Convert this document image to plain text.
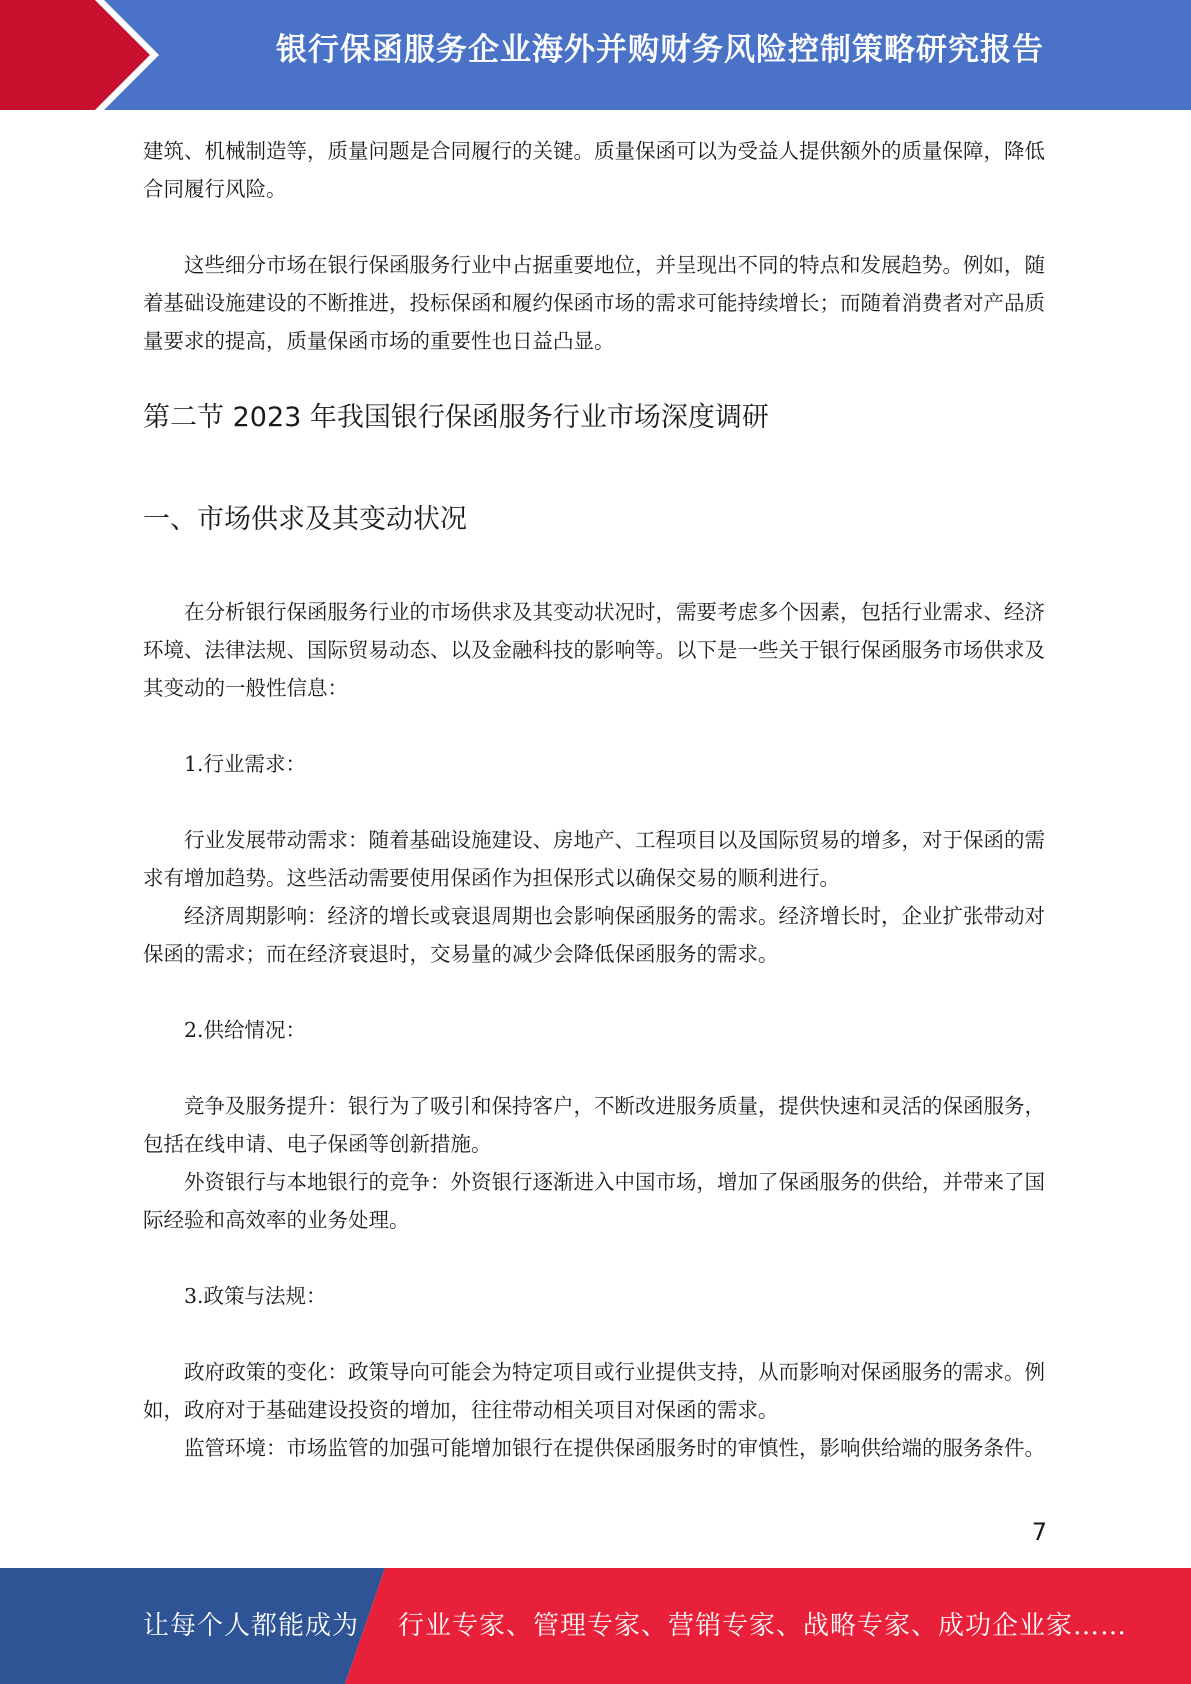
银行保函服务企业海外并购财务风险控制策略研究报告

建筑、机械制造等，质量问题是合同履行的关键。质量保函可以为受益人提供额外的质量保障，降低合同履行风险。

这些细分市场在银行保函服务行业中占据重要地位，并呈现出不同的特点和发展趋势。例如，随着基础设施建设的不断推进，投标保函和履约保函市场的需求可能持续增长；而随着消费者对产品质量要求的提高，质量保函市场的重要性也日益凸显。

第二节 2023 年我国银行保函服务行业市场深度调研
一、市场供求及其变动状况

在分析银行保函服务行业的市场供求及其变动状况时，需要考虑多个因素，包括行业需求、经济环境、法律法规、国际贸易动态、以及金融科技的影响等。以下是一些关于银行保函服务市场供求及其变动的一般性信息：

1.行业需求：

行业发展带动需求：随着基础设施建设、房地产、工程项目以及国际贸易的增多，对于保函的需求有增加趋势。这些活动需要使用保函作为担保形式以确保交易的顺利进行。

经济周期影响：经济的增长或衰退周期也会影响保函服务的需求。经济增长时，企业扩张带动对保函的需求；而在经济衰退时，交易量的减少会降低保函服务的需求。

2.供给情况：

竞争及服务提升：银行为了吸引和保持客户，不断改进服务质量，提供快速和灵活的保函服务，包括在线申请、电子保函等创新措施。

外资银行与本地银行的竞争：外资银行逐渐进入中国市场，增加了保函服务的供给，并带来了国际经验和高效率的业务处理。

3.政策与法规：

政府政策的变化：政策导向可能会为特定项目或行业提供支持，从而影响对保函服务的需求。例如，政府对于基础建设投资的增加，往往带动相关项目对保函的需求。

监管环境：市场监管的加强可能增加银行在提供保函服务时的审慎性，影响供给端的服务条件。

7
让每个人都能成为 行业专家、管理专家、营销专家、战略专家、成功企业家……
